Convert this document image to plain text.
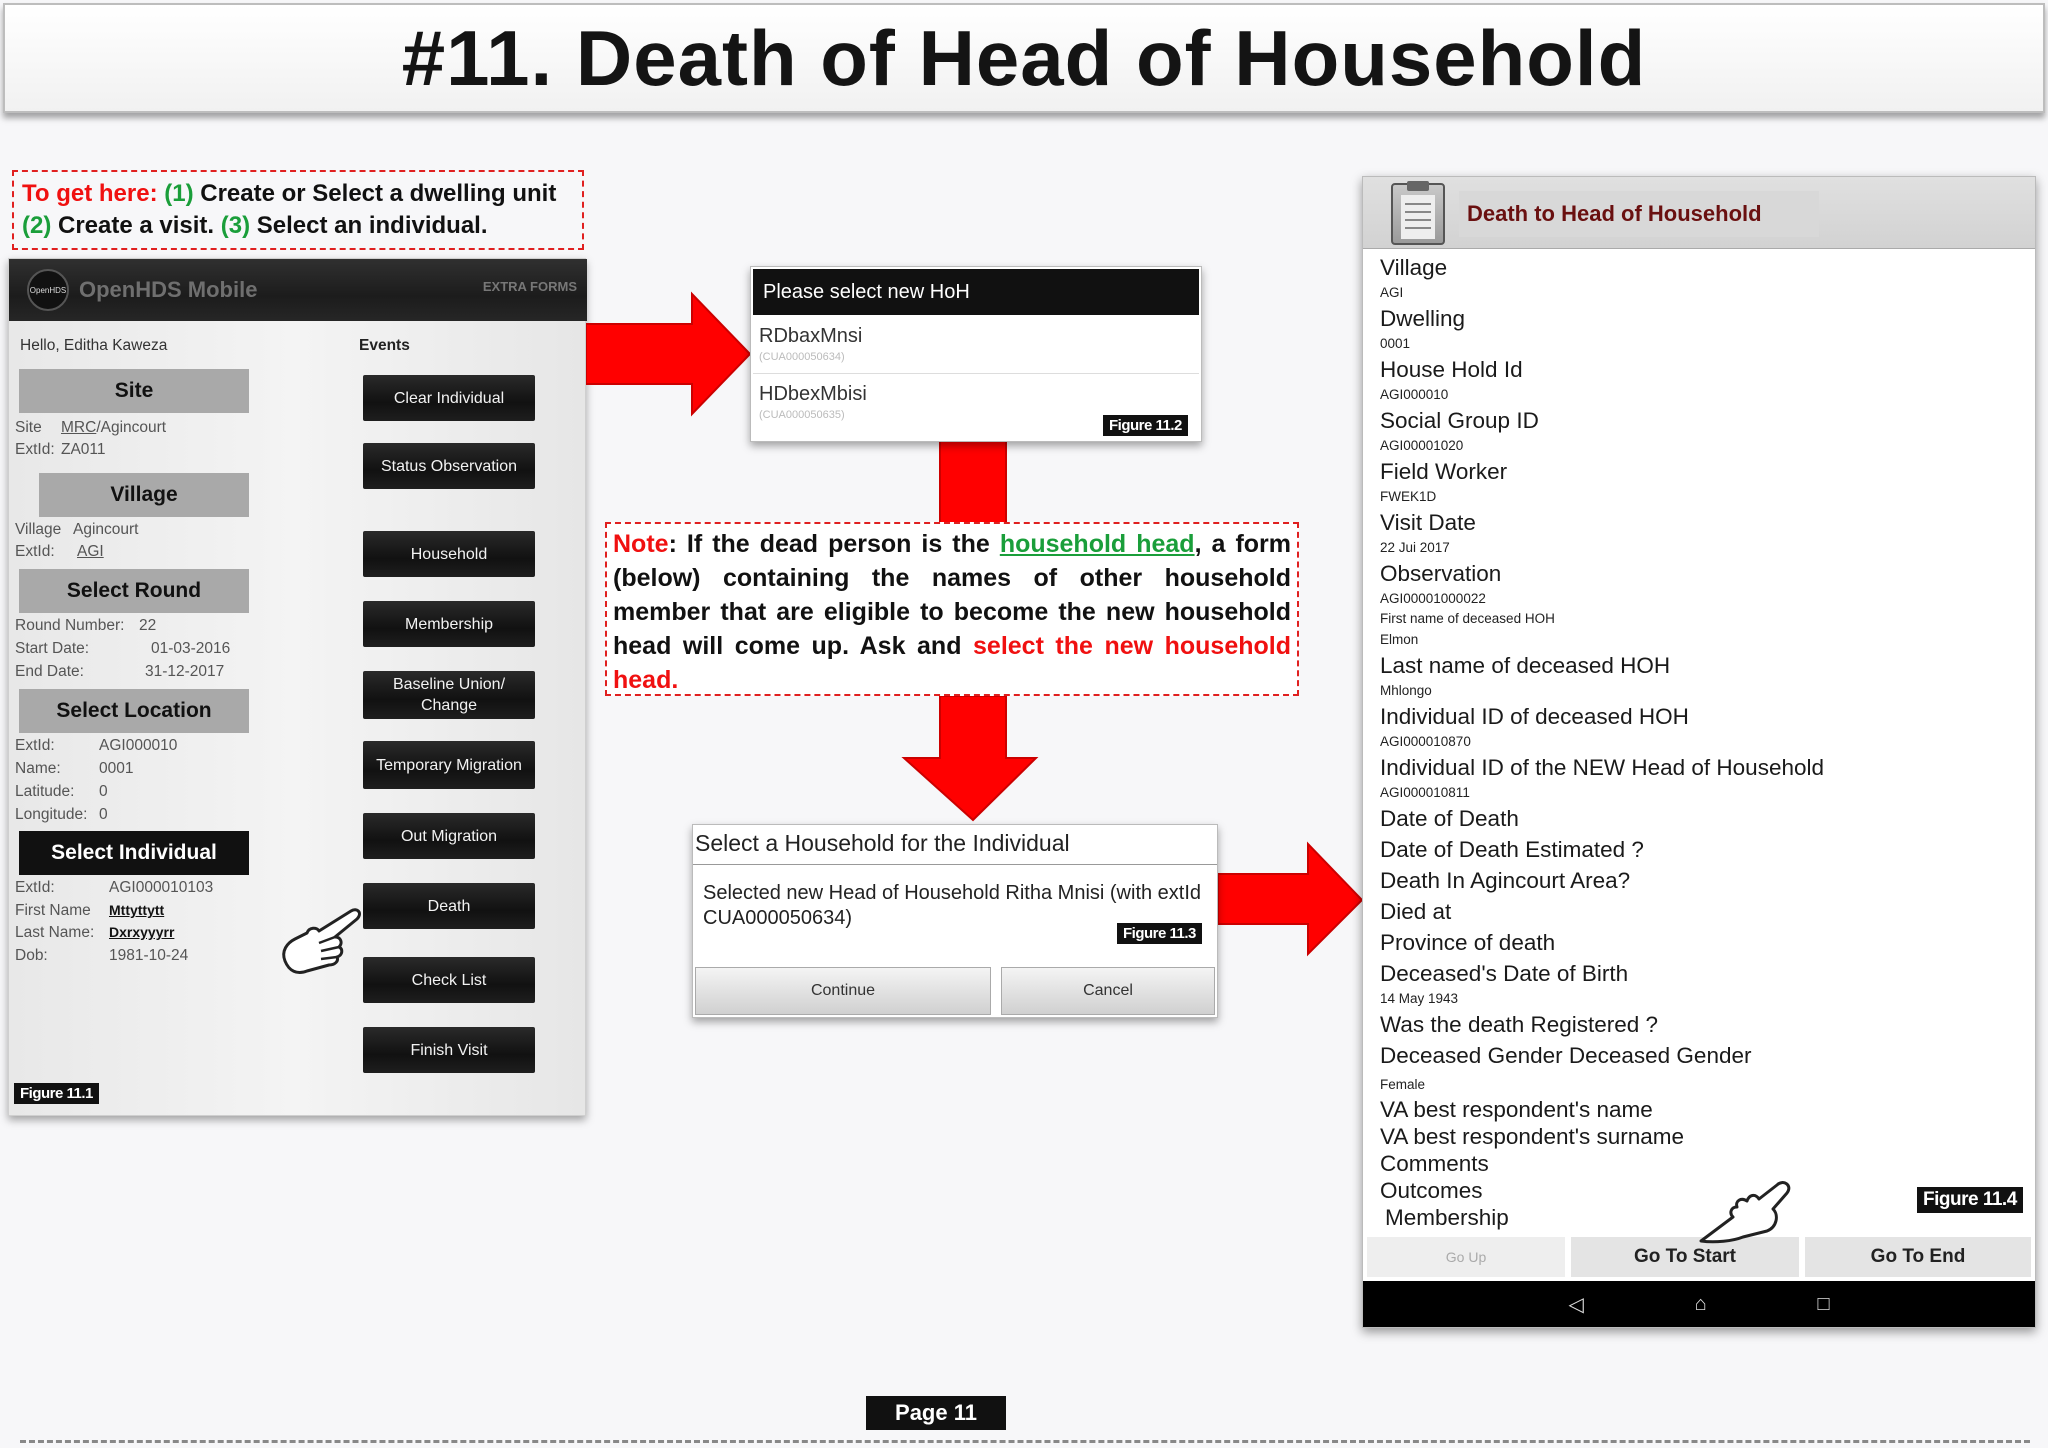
#11. Death of Head of Household
To get here: (1) Create or Select a dwelling unit
(2) Create a visit. (3) Select an individual.
OpenHDS OpenHDS Mobile	EXTRA FORMS
Hello, Editha Kaweza	Events
Site
Site MRC/Agincourt
ExtId: ZA011
Village
Village Agincourt
ExtId: AGI
Select Round
Round Number: 22
Start Date:	01-03-2016
End Date:	31-12-2017
Select Location
ExtId:	AGI000010
Name: 0001
Latitude: 0
Longitude: 0
Select Individual
ExtId:	AGI000010103
First Name Mttyttytt
Last Name: Dxrxyyyrr
Dob:	1981-10-24
Clear Individual
Status Observation
Household
Membership
Baseline Union/ Change
Temporary Migration
Out Migration
Death
Check List
Finish Visit
Figure 11.1
Please select new HoH
RDbaxMnsi
(CUA000050634)
HDbexMbisi
(CUA000050635)
Figure 11.2
Note: If the dead person is the household head, a form (below) containing the names of other household member that are eligible to become the new household head will come up. Ask and select the new household head.
Select a Household for the Individual
Selected new Head of Household Ritha Mnisi (with extId CUA000050634)
Figure 11.3
Continue	Cancel
Death to Head of Household
Village
AGI
Dwelling
0001
House Hold Id
AGI000010
Social Group ID
AGI00001020
Field Worker
FWEK1D
Visit Date
22 Jui 2017
Observation
AGI00001000022
First name of deceased HOH
Elmon
Last name of deceased HOH
Mhlongo
Individual ID of deceased HOH
AGI000010870
Individual ID of the NEW Head of Household
AGI000010811
Date of Death
Date of Death Estimated ?
Death In Agincourt Area?
Died at
Province of death
Deceased's Date of Birth
14 May 1943
Was the death Registered ?
Deceased Gender Deceased Gender
Female
VA best respondent's name
VA best respondent's surname
Comments
Outcomes
Membership
Figure 11.4
Go Up	Go To Start	Go To End
◁	⌂	□
Page 11
